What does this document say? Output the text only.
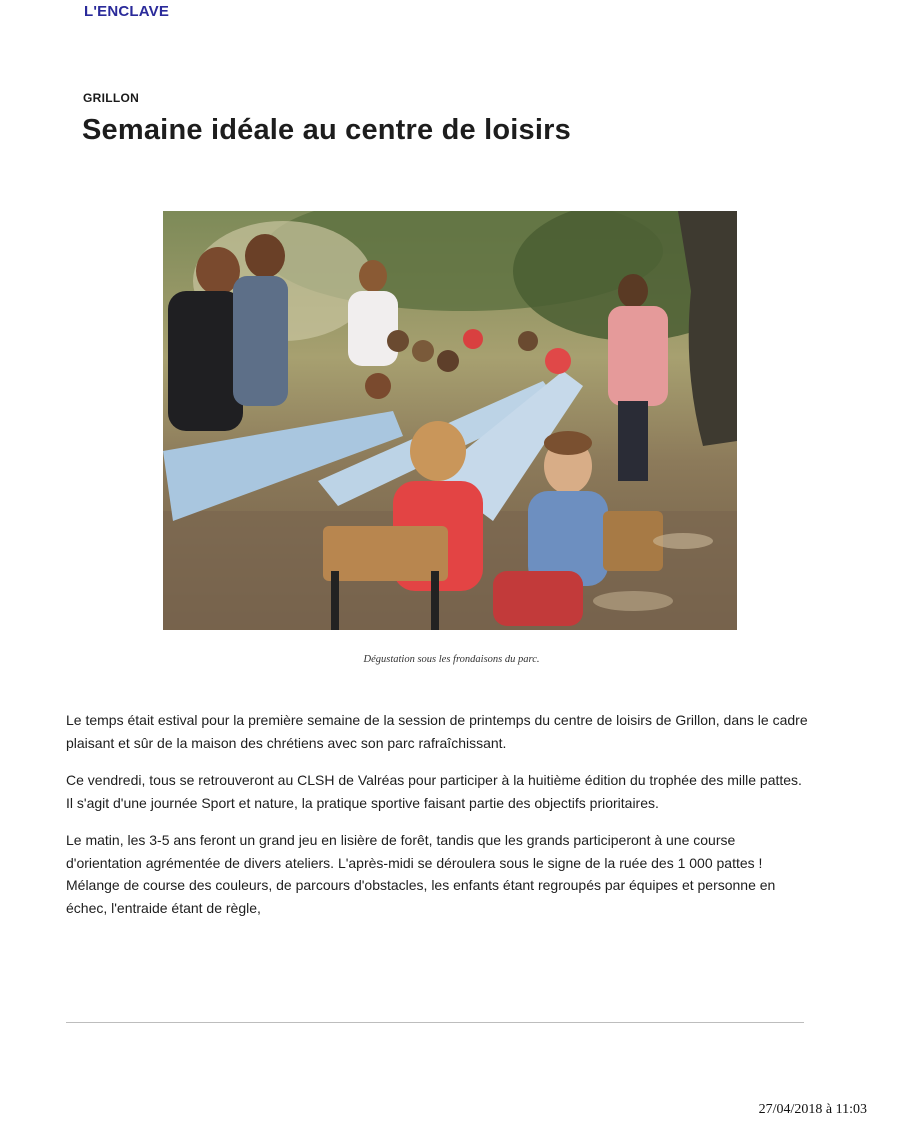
L'ENCLAVE
GRILLON
Semaine idéale au centre de loisirs
Dégustation sous les frondaisons du parc.

Le temps était estival pour la première semaine de la session de printemps du centre de loisirs de Grillon, dans le cadre plaisant et sûr de la maison des chrétiens avec son parc rafraîchissant.

Ce vendredi, tous se retrouveront au CLSH de Valréas pour participer à la huitième édition du trophée des mille pattes. Il s'agit d'une journée Sport et nature, la pratique sportive faisant partie des objectifs prioritaires.

Le matin, les 3-5 ans feront un grand jeu en lisière de forêt, tandis que les grands participeront à une course d'orientation agrémentée de divers ateliers. L'après-midi se déroulera sous le signe de la ruée des 1 000 pattes ! Mélange de course des couleurs, de parcours d'obstacles, les enfants étant regroupés par équipes et personne en échec, l'entraide étant de règle,

27/04/2018 à 11:03
